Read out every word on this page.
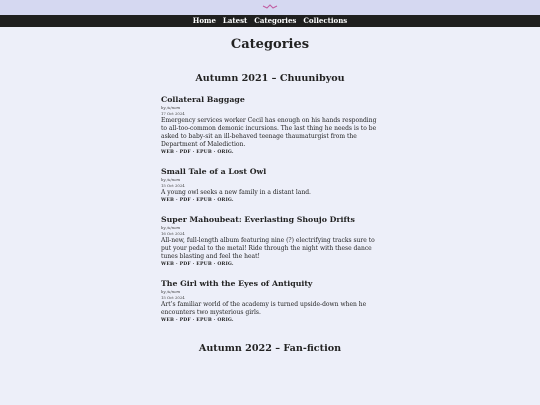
Home Latest Categories Collections
Categories
Autumn 2021 – Chuunibyou
Collateral Baggage
by /u/nom
17 Oct 2024
Emergency services worker Cecil has enough on his hands responding to all-too-common demonic incursions. The last thing he needs is to be asked to baby-sit an ill-behaved teenage thaumaturgist from the Department of Malediction.
WEB · PDF · EPUB · ORIG.
Small Tale of a Lost Owl
by /u/nom
15 Oct 2024
A young owl seeks a new family in a distant land.
WEB · PDF · EPUB · ORIG.
Super Mahoubeat: Everlasting Shoujo Drifts
by /u/nom
16 Oct 2024
All-new, full-length album featuring nine (?) electrifying tracks sure to put your pedal to the metal! Ride through the night with these dance tunes blasting and feel the heat!
WEB · PDF · EPUB · ORIG.
The Girl with the Eyes of Antiquity
by /u/nom
15 Oct 2024
Art’s familiar world of the academy is turned upside-down when he encounters two mysterious girls.
WEB · PDF · EPUB · ORIG.
Autumn 2022 – Fan-fiction
